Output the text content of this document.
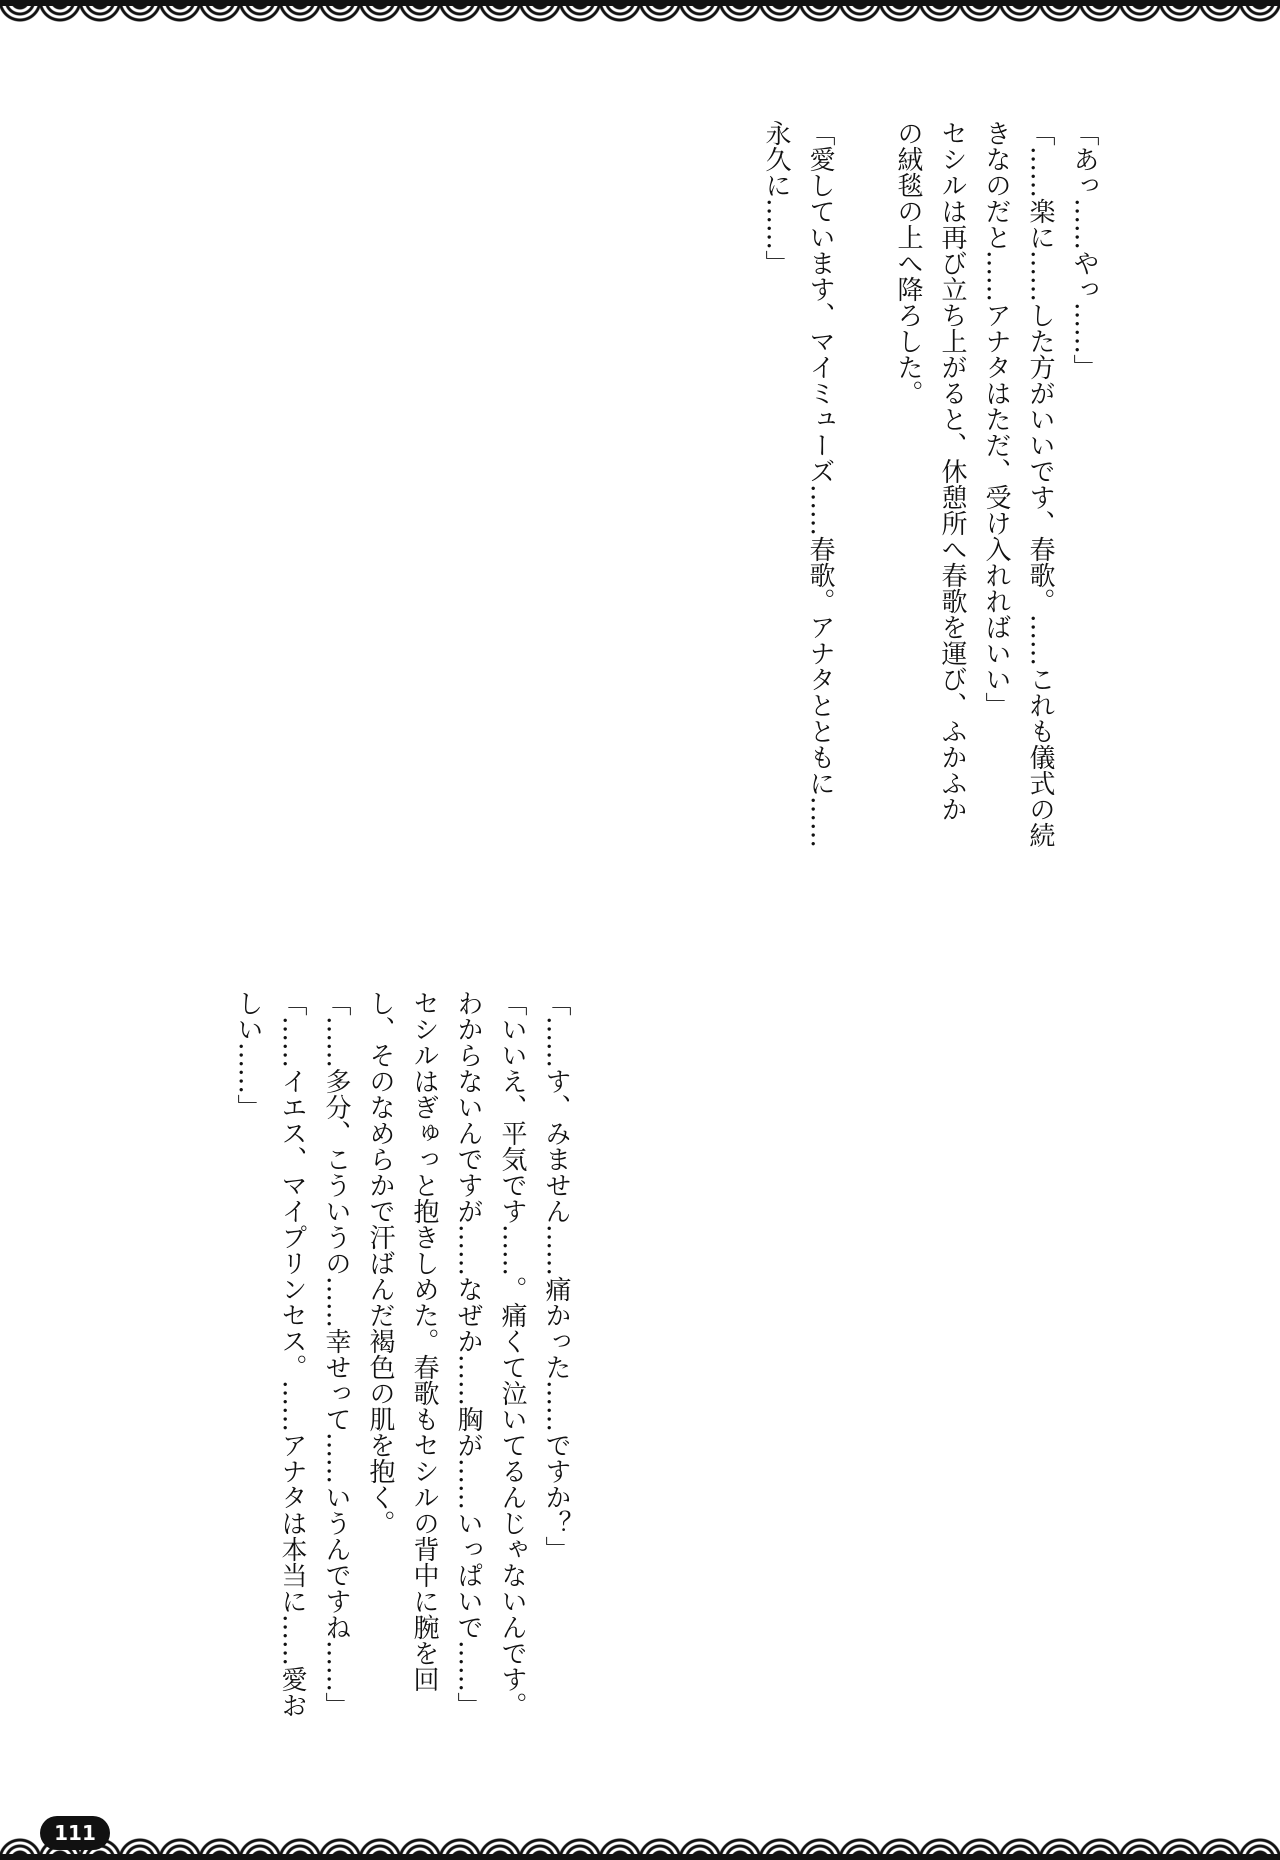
「あっ……やっ……」
「……楽に……した方がいいです、春歌。……これも儀式の続
きなのだと……アナタはただ、受け入れればいい」
セシルは再び立ち上がると、休憩所へ春歌を運び、ふかふか
の絨毯の上へ降ろした。
「愛しています、マイミューズ……春歌。アナタとともに……
永久に……」
「……す、みません……痛かった……ですか？」
「いいえ、平気です……。痛くて泣いてるんじゃないんです。
わからないんですが……なぜか……胸が……いっぱいで……」
セシルはぎゅっと抱きしめた。春歌もセシルの背中に腕を回
し、そのなめらかで汗ばんだ褐色の肌を抱く。
「……多分、こういうの……幸せって……いうんですね……」
「……イエス、マイプリンセス。……アナタは本当に……愛お
しい……」
111
